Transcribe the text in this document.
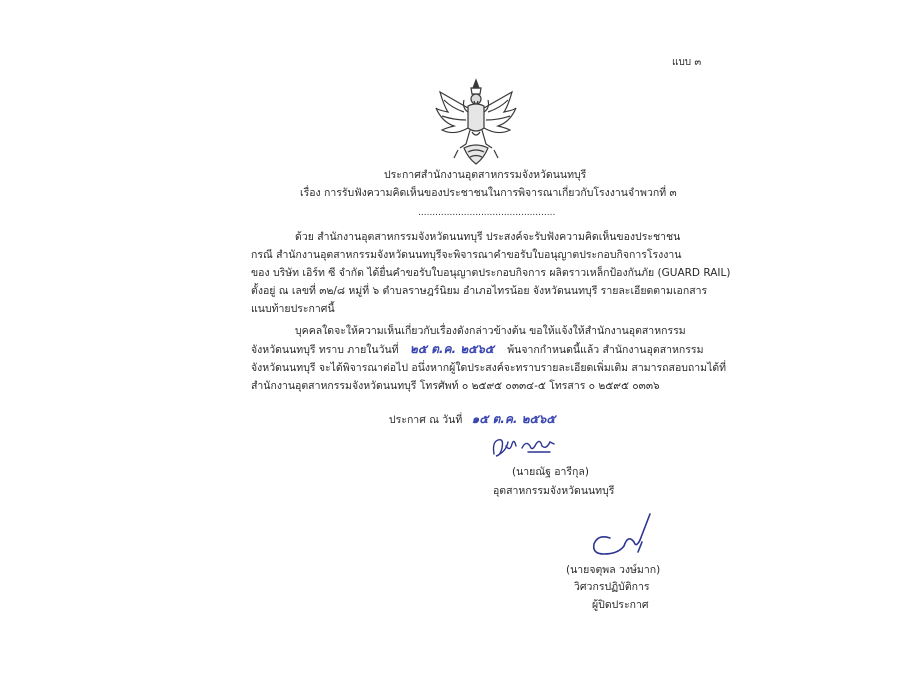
แบบ ๓
ประกาศสำนักงานอุตสาหกรรมจังหวัดนนทบุรี
เรื่อง การรับฟังความคิดเห็นของประชาชนในการพิจารณาเกี่ยวกับโรงงานจำพวกที่ ๓
................................................
ด้วย สำนักงานอุตสาหกรรมจังหวัดนนทบุรี ประสงค์จะรับฟังความคิดเห็นของประชาชน
กรณี สำนักงานอุตสาหกรรมจังหวัดนนทบุรีจะพิจารณาคำขอรับใบอนุญาตประกอบกิจการโรงงาน
ของ บริษัท เอิร์ท ซี จำกัด ได้ยื่นคำขอรับใบอนุญาตประกอบกิจการ ผลิตราวเหล็กป้องกันภัย (GUARD RAIL)
ตั้งอยู่ ณ เลขที่ ๓๒/๘ หมู่ที่ ๖ ตำบลราษฎร์นิยม อำเภอไทรน้อย จังหวัดนนทบุรี รายละเอียดตามเอกสาร
แนบท้ายประกาศนี้
บุคคลใดจะให้ความเห็นเกี่ยวกับเรื่องดังกล่าวข้างต้น ขอให้แจ้งให้สำนักงานอุตสาหกรรม
จังหวัดนนทบุรี ทราบ ภายในวันที่ ๒๕ ต.ค. ๒๕๖๕ พ้นจากกำหนดนี้แล้ว สำนักงานอุตสาหกรรม
จังหวัดนนทบุรี จะได้พิจารณาต่อไป อนึ่งหากผู้ใดประสงค์จะทราบรายละเอียดเพิ่มเติม สามารถสอบถามได้ที่
สำนักงานอุตสาหกรรมจังหวัดนนทบุรี โทรศัพท์ ๐ ๒๕๙๕ ๐๓๓๔-๕ โทรสาร ๐ ๒๕๙๕ ๐๓๓๖
ประกาศ ณ วันที่ ๑๕ ต.ค. ๒๕๖๕
(นายณัฐ อารีกุล)
อุตสาหกรรมจังหวัดนนทบุรี
(นายจตุพล วงษ์มาก)
วิศวกรปฏิบัติการ
ผู้ปิดประกาศ
